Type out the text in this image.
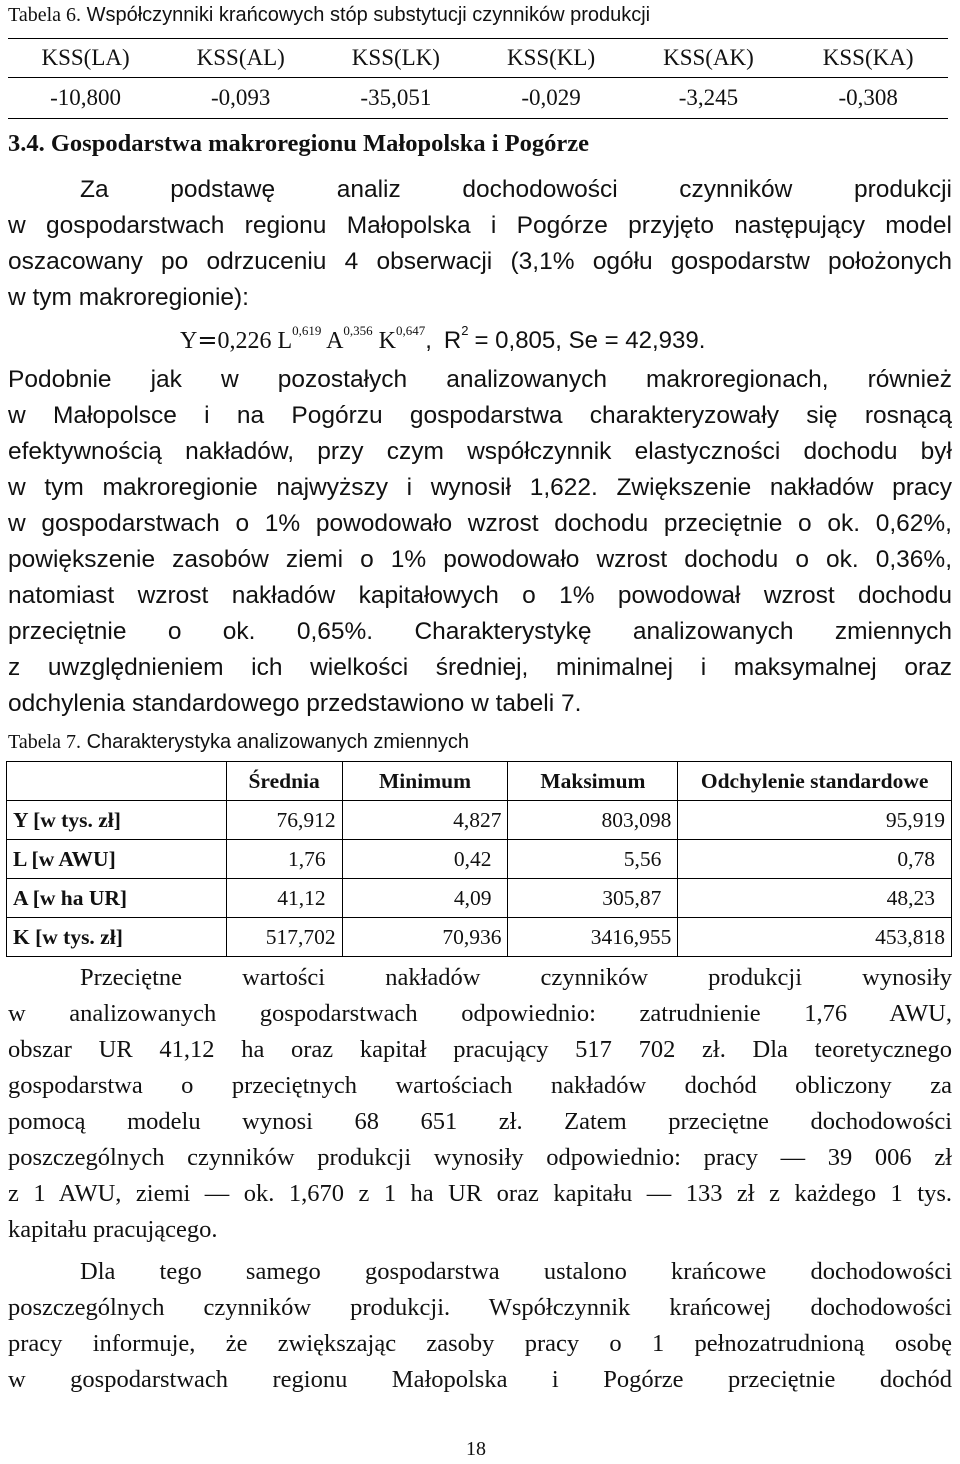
Tabela 6. Współczynniki krańcowych stóp substytucji czynników produkcji
KSS(LA)	KSS(AL)	KSS(LK)	KSS(KL)	KSS(AK)	KSS(KA)
-10,800	-0,093	-35,051	-0,029	-3,245	-0,308
3.4. Gospodarstwa makroregionu Małopolska i Pogórze
Za podstawę analiz dochodowości czynników produkcji
w gospodarstwach regionu Małopolska i Pogórze przyjęto następujący model
oszacowany po odrzuceniu 4 obserwacji (3,1% ogółu gospodarstw położonych
w tym makroregionie):
Y=0,226 L$^{0,619}$ A$^{0,356}$ K$^{0,647}$, $R^2 = 0,805$, Se = 42,939.
Podobnie jak w pozostałych analizowanych makroregionach, również
w Małopolsce i na Pogórzu gospodarstwa charakteryzowały się rosnącą
efektywnością nakładów, przy czym współczynnik elastyczności dochodu był
w tym makroregionie najwyższy i wynosił 1,622. Zwiększenie nakładów pracy
w gospodarstwach o 1% powodowało wzrost dochodu przeciętnie o ok. 0,62%,
powiększenie zasobów ziemi o 1% powodowało wzrost dochodu o ok. 0,36%,
natomiast wzrost nakładów kapitałowych o 1% powodował wzrost dochodu
przeciętnie o ok. 0,65%. Charakterystykę analizowanych zmiennych
z uwzględnieniem ich wielkości średniej, minimalnej i maksymalnej oraz
odchylenia standardowego przedstawiono w tabeli 7.
Tabela 7. Charakterystyka analizowanych zmiennych
	Średnia	Minimum	Maksimum	Odchylenie standardowe
Y [w tys. zł]	76,912	4,827	803,098	95,919
L [w AWU]	1,76	0,42	5,56	0,78
A [w ha UR]	41,12	4,09	305,87	48,23
K [w tys. zł]	517,702	70,936	3416,955	453,818
Przeciętne wartości nakładów czynników produkcji wynosiły
w analizowanych gospodarstwach odpowiednio: zatrudnienie 1,76 AWU,
obszar UR 41,12 ha oraz kapitał pracujący 517 702 zł. Dla teoretycznego
gospodarstwa o przeciętnych wartościach nakładów dochód obliczony za
pomocą modelu wynosi 68 651 zł. Zatem przeciętne dochodowości
poszczególnych czynników produkcji wynosiły odpowiednio: pracy — 39 006 zł
z 1 AWU, ziemi — ok. 1,670 z 1 ha UR oraz kapitału — 133 zł z każdego 1 tys.
kapitału pracującego.
Dla tego samego gospodarstwa ustalono krańcowe dochodowości
poszczególnych czynników produkcji. Współczynnik krańcowej dochodowości
pracy informuje, że zwiększając zasoby pracy o 1 pełnozatrudnioną osobę
w gospodarstwach regionu Małopolska i Pogórze przeciętnie dochód
18
